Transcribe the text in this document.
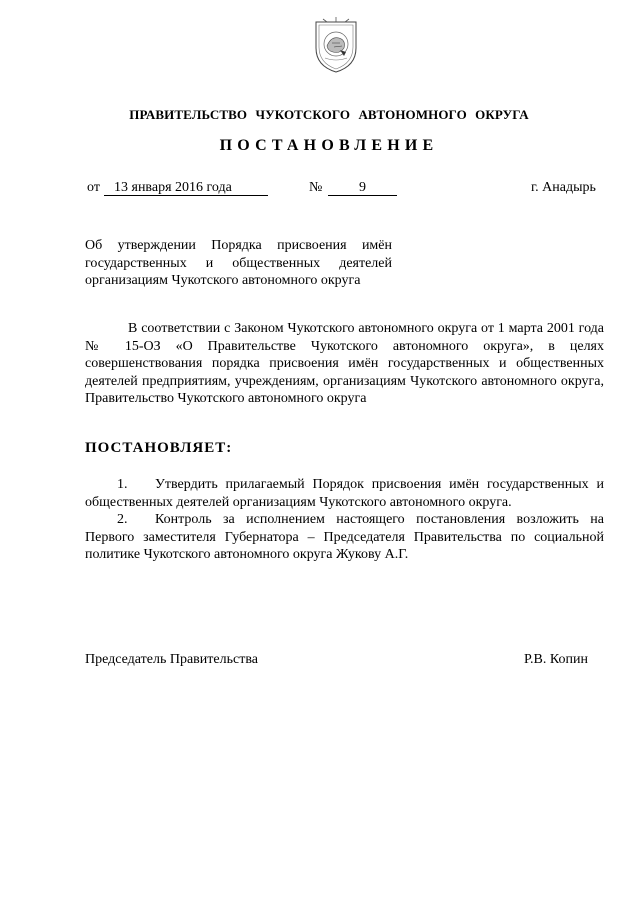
ПРАВИТЕЛЬСТВО ЧУКОТСКОГО АВТОНОМНОГО ОКРУГА
ПОСТАНОВЛЕНИЕ
от	13 января 2016 года	№	9	г. Анадырь
Об утверждении Порядка присвоения имён государственных и общественных деятелей организациям Чукотского автономного округа

В соответствии с Законом Чукотского автономного округа от 1 марта 2001 года № 15-ОЗ «О Правительстве Чукотского автономного округа», в целях совершенствования порядка присвоения имён государственных и общественных деятелей предприятиям, учреждениям, организациям Чукотского автономного округа, Правительство Чукотского автономного округа

ПОСТАНОВЛЯЕТ:

1. Утвердить прилагаемый Порядок присвоения имён государственных и общественных деятелей организациям Чукотского автономного округа.

2. Контроль за исполнением настоящего постановления возложить на Первого заместителя Губернатора – Председателя Правительства по социальной политике Чукотского автономного округа Жукову А.Г.

Председатель Правительства	Р.В. Копин
